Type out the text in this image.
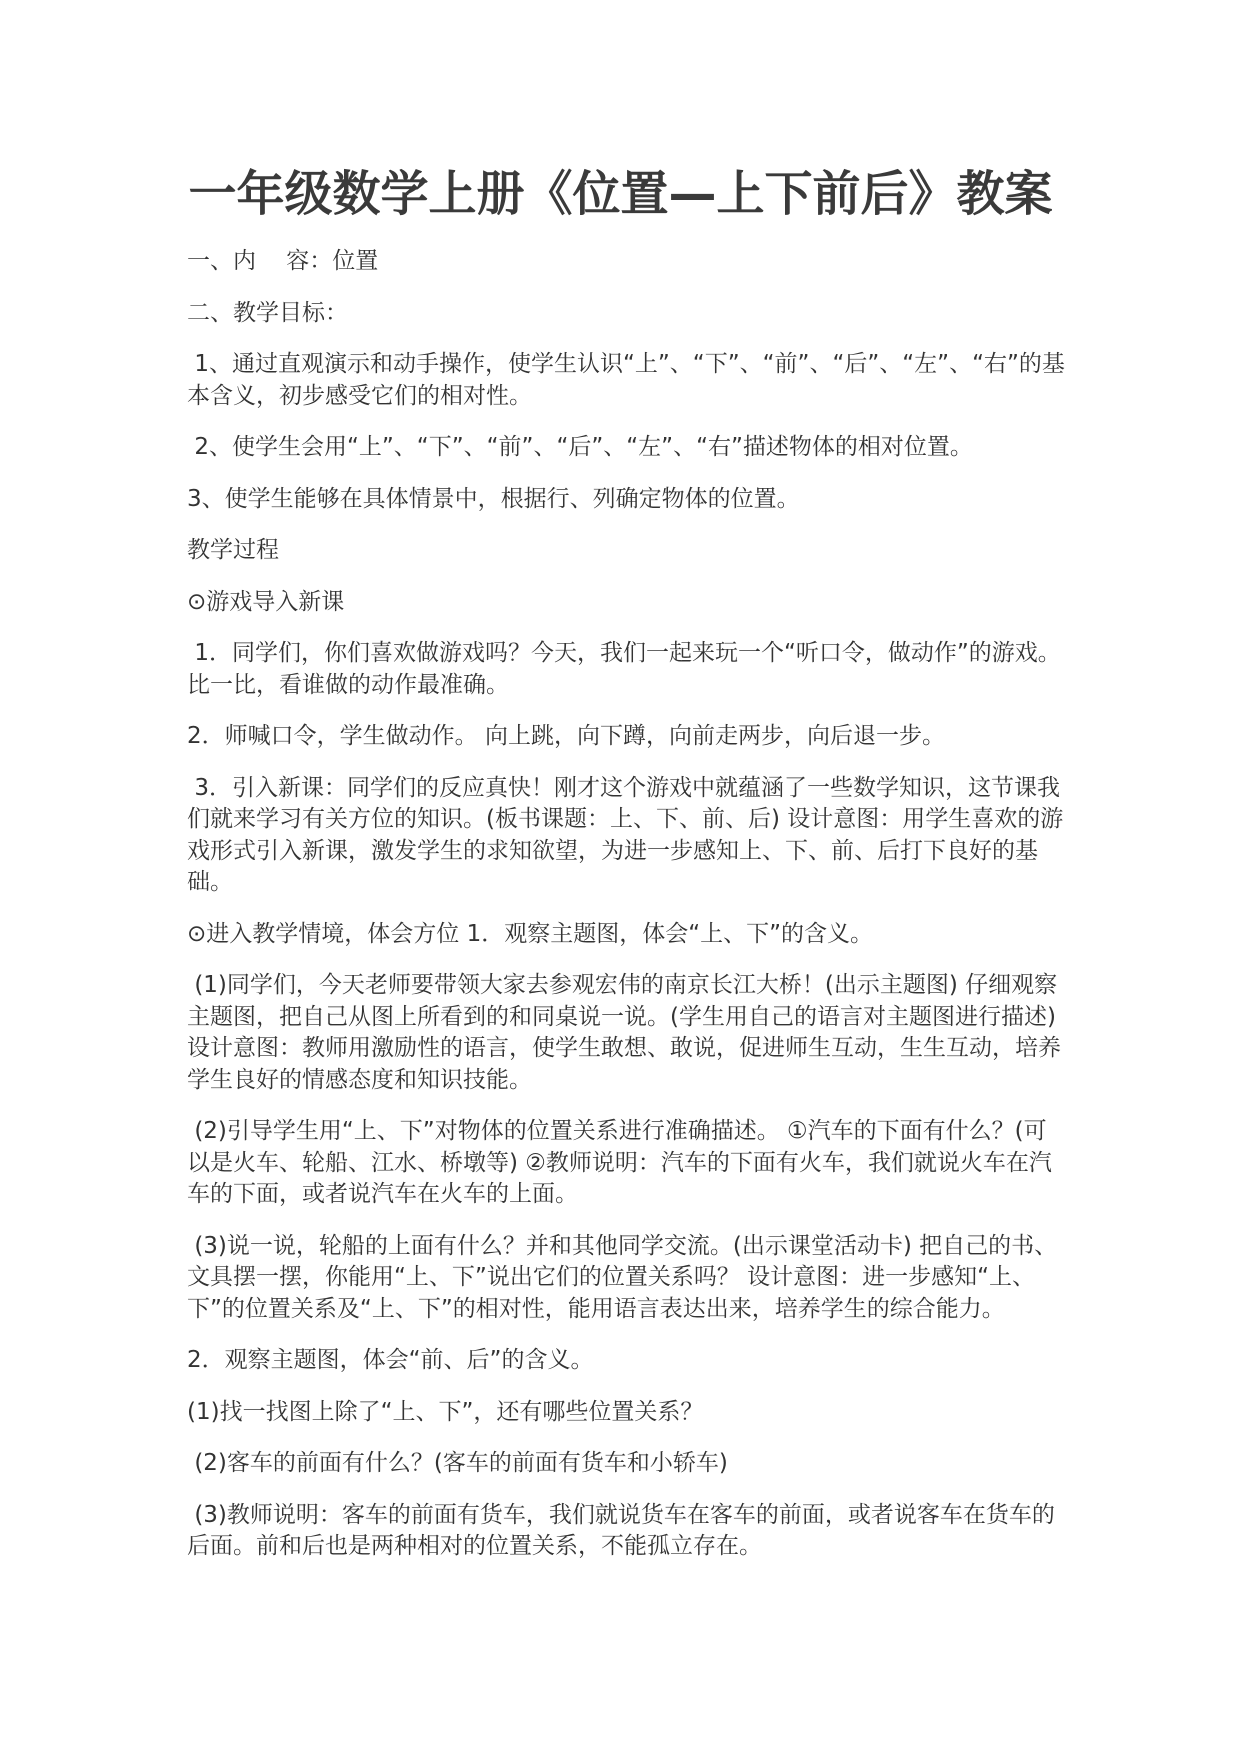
一年级数学上册《位置—上下前后》教案

一、内　 容：位置

二、教学目标：

1、通过直观演示和动手操作，使学生认识“上”、“下”、“前”、“后”、“左”、“右”的基本含义，初步感受它们的相对性。

2、使学生会用“上”、“下”、“前”、“后”、“左”、“右”描述物体的相对位置。

3、使学生能够在具体情景中，根据行、列确定物体的位置。

教学过程

⊙游戏导入新课

1．同学们，你们喜欢做游戏吗？今天，我们一起来玩一个“听口令，做动作”的游戏。比一比，看谁做的动作最准确。

2．师喊口令，学生做动作。 向上跳，向下蹲，向前走两步，向后退一步。

3．引入新课：同学们的反应真快！刚才这个游戏中就蕴涵了一些数学知识，这节课我们就来学习有关方位的知识。(板书课题：上、下、前、后) 设计意图：用学生喜欢的游戏形式引入新课，激发学生的求知欲望，为进一步感知上、下、前、后打下良好的基础。

⊙进入教学情境，体会方位 1．观察主题图，体会“上、下”的含义。

(1)同学们，今天老师要带领大家去参观宏伟的南京长江大桥！(出示主题图) 仔细观察主题图，把自己从图上所看到的和同桌说一说。(学生用自己的语言对主题图进行描述) 设计意图：教师用激励性的语言，使学生敢想、敢说，促进师生互动，生生互动，培养学生良好的情感态度和知识技能。

(2)引导学生用“上、下”对物体的位置关系进行准确描述。 ①汽车的下面有什么？(可以是火车、轮船、江水、桥墩等) ②教师说明：汽车的下面有火车，我们就说火车在汽车的下面，或者说汽车在火车的上面。

(3)说一说，轮船的上面有什么？并和其他同学交流。(出示课堂活动卡) 把自己的书、文具摆一摆，你能用“上、下”说出它们的位置关系吗？ 设计意图：进一步感知“上、下”的位置关系及“上、下”的相对性，能用语言表达出来，培养学生的综合能力。

2．观察主题图，体会“前、后”的含义。

(1)找一找图上除了“上、下”，还有哪些位置关系？

(2)客车的前面有什么？(客车的前面有货车和小轿车)

(3)教师说明：客车的前面有货车，我们就说货车在客车的前面，或者说客车在货车的后面。前和后也是两种相对的位置关系，不能孤立存在。
